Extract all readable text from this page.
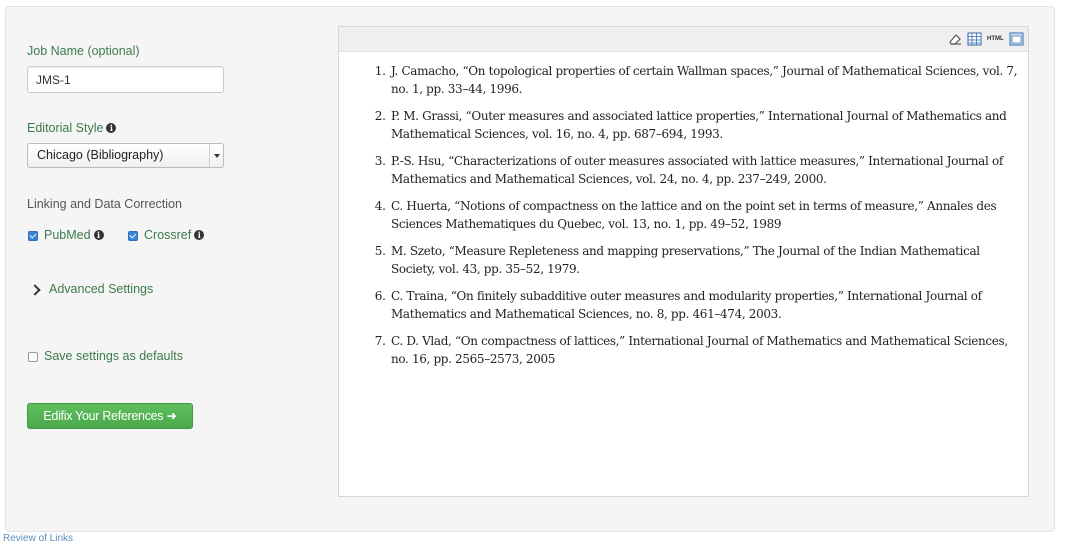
Job Name (optional)
JMS-1
Editorial Style i
Chicago (Bibliography)
Linking and Data Correction
PubMed i	Crossref i
Advanced Settings
Save settings as defaults
Edifix Your References ➜
HTML
1. J. Camacho, “On topological properties of certain Wallman spaces,” Journal of Mathematical Sciences, vol. 7, no. 1, pp. 33–44, 1996.
2. P. M. Grassi, “Outer measures and associated lattice properties,” International Journal of Mathematics and Mathematical Sciences, vol. 16, no. 4, pp. 687–694, 1993.
3. P.-S. Hsu, “Characterizations of outer measures associated with lattice measures,” International Journal of Mathematics and Mathematical Sciences, vol. 24, no. 4, pp. 237–249, 2000.
4. C. Huerta, “Notions of compactness on the lattice and on the point set in terms of measure,” Annales des Sciences Mathematiques du Quebec, vol. 13, no. 1, pp. 49–52, 1989
5. M. Szeto, “Measure Repleteness and mapping preservations,” The Journal of the Indian Mathematical Society, vol. 43, pp. 35–52, 1979.
6. C. Traina, “On finitely subadditive outer measures and modularity properties,” International Journal of Mathematics and Mathematical Sciences, no. 8, pp. 461–474, 2003.
7. C. D. Vlad, “On compactness of lattices,” International Journal of Mathematics and Mathematical Sciences, no. 16, pp. 2565–2573, 2005
Review of Links
